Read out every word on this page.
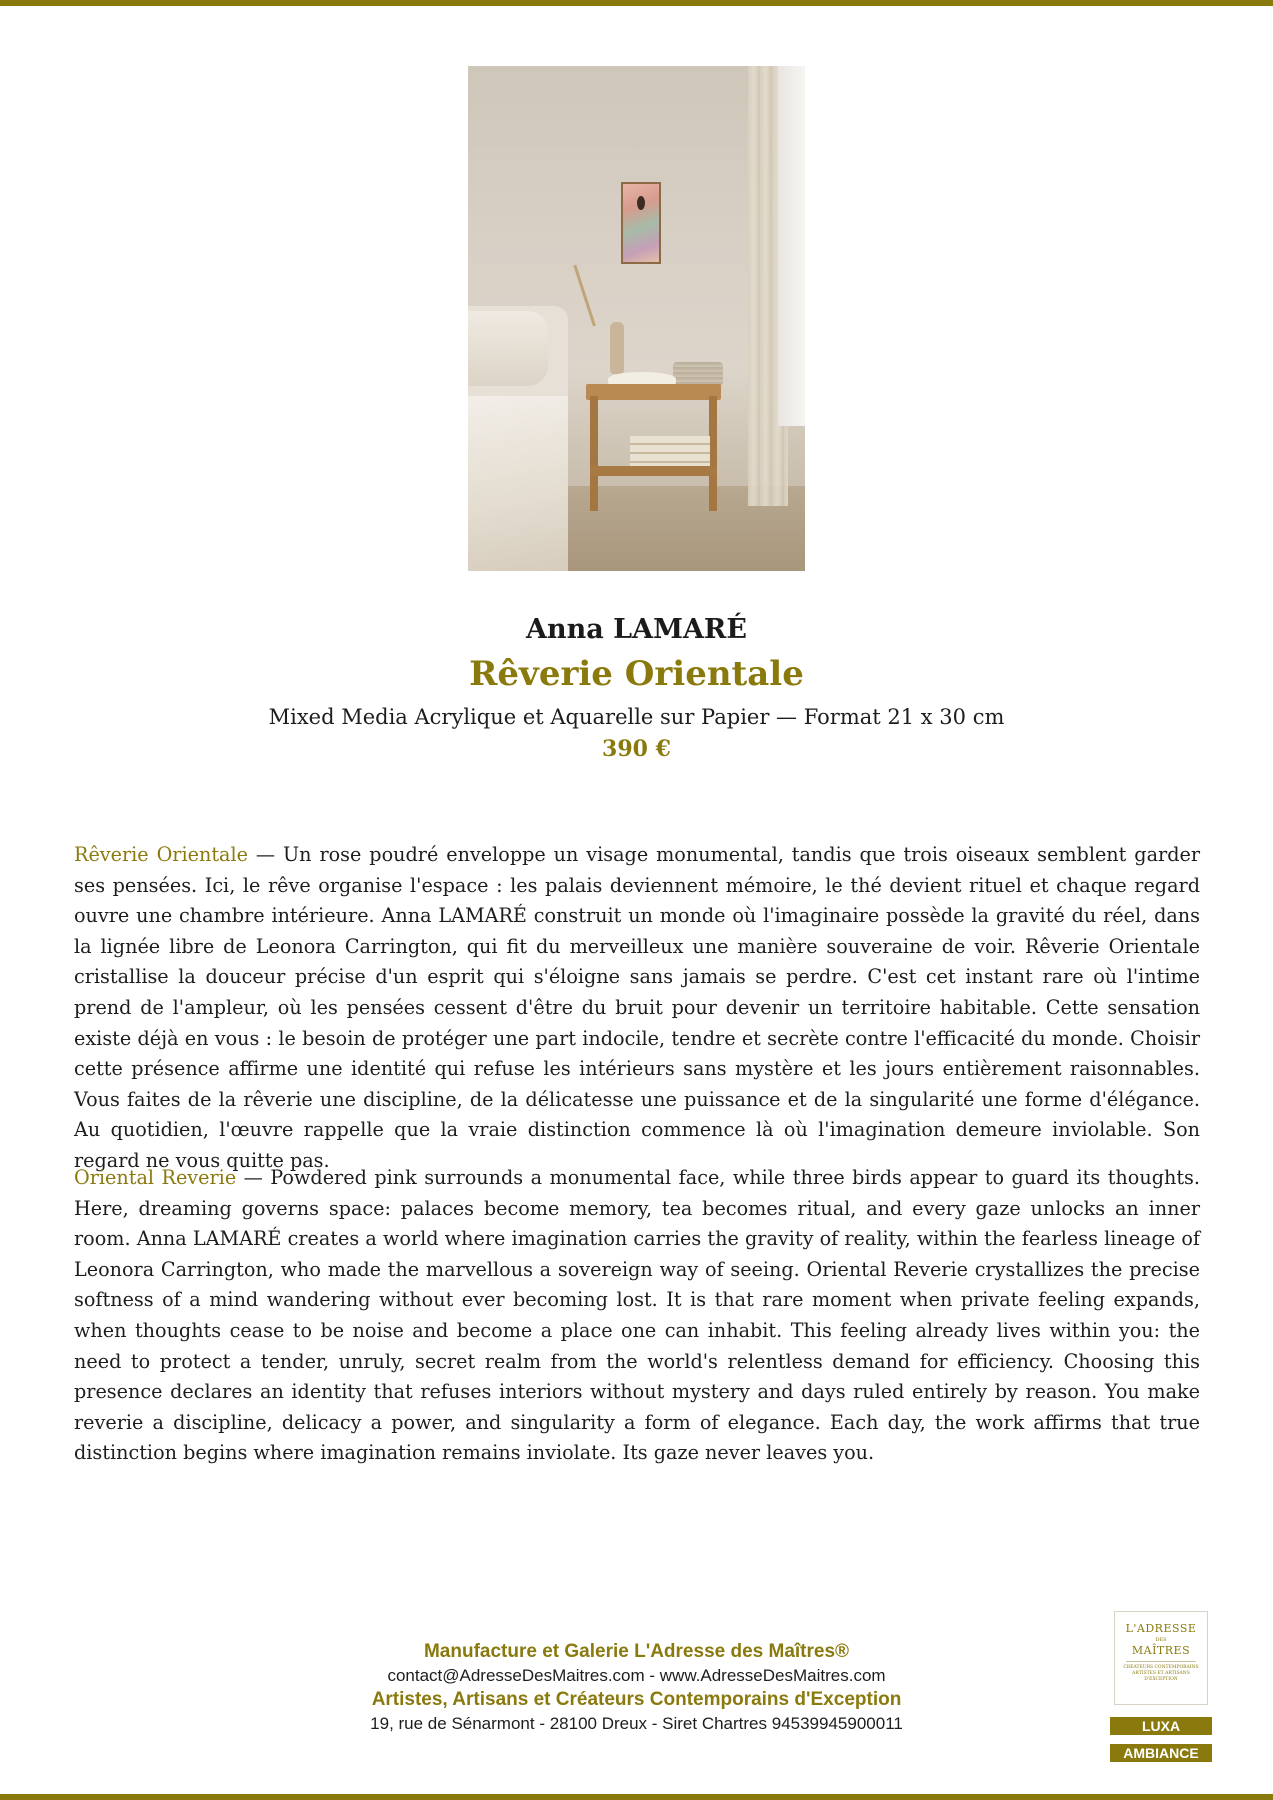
Anna LAMARÉ

Rêverie Orientale

Mixed Media Acrylique et Aquarelle sur Papier — Format 21 x 30 cm

390 €

Rêverie Orientale — Un rose poudré enveloppe un visage monumental, tandis que trois oiseaux semblent garder ses pensées. Ici, le rêve organise l'espace : les palais deviennent mémoire, le thé devient rituel et chaque regard ouvre une chambre intérieure. Anna LAMARÉ construit un monde où l'imaginaire possède la gravité du réel, dans la lignée libre de Leonora Carrington, qui fit du merveilleux une manière souveraine de voir. Rêverie Orientale cristallise la douceur précise d'un esprit qui s'éloigne sans jamais se perdre. C'est cet instant rare où l'intime prend de l'ampleur, où les pensées cessent d'être du bruit pour devenir un territoire habitable. Cette sensation existe déjà en vous : le besoin de protéger une part indocile, tendre et secrète contre l'efficacité du monde. Choisir cette présence affirme une identité qui refuse les intérieurs sans mystère et les jours entièrement raisonnables. Vous faites de la rêverie une discipline, de la délicatesse une puissance et de la singularité une forme d'élégance. Au quotidien, l'œuvre rappelle que la vraie distinction commence là où l'imagination demeure inviolable. Son regard ne vous quitte pas.

Oriental Reverie — Powdered pink surrounds a monumental face, while three birds appear to guard its thoughts. Here, dreaming governs space: palaces become memory, tea becomes ritual, and every gaze unlocks an inner room. Anna LAMARÉ creates a world where imagination carries the gravity of reality, within the fearless lineage of Leonora Carrington, who made the marvellous a sovereign way of seeing. Oriental Reverie crystallizes the precise softness of a mind wandering without ever becoming lost. It is that rare moment when private feeling expands, when thoughts cease to be noise and become a place one can inhabit. This feeling already lives within you: the need to protect a tender, unruly, secret realm from the world's relentless demand for efficiency. Choosing this presence declares an identity that refuses interiors without mystery and days ruled entirely by reason. You make reverie a discipline, delicacy a power, and singularity a form of elegance. Each day, the work affirms that true distinction begins where imagination remains inviolate. Its gaze never leaves you.

Manufacture et Galerie L'Adresse des Maîtres®
contact@AdresseDesMaitres.com - www.AdresseDesMaitres.com
Artistes, Artisans et Créateurs Contemporains d'Exception
19, rue de Sénarmont - 28100 Dreux - Siret Chartres 94539945900011
L'ADRESSE
DES
MAÎTRES
CRÉATEURS CONTEMPORAINS ARTISTES ET ARTISANS D'EXCEPTION
LUXA
AMBIANCE
